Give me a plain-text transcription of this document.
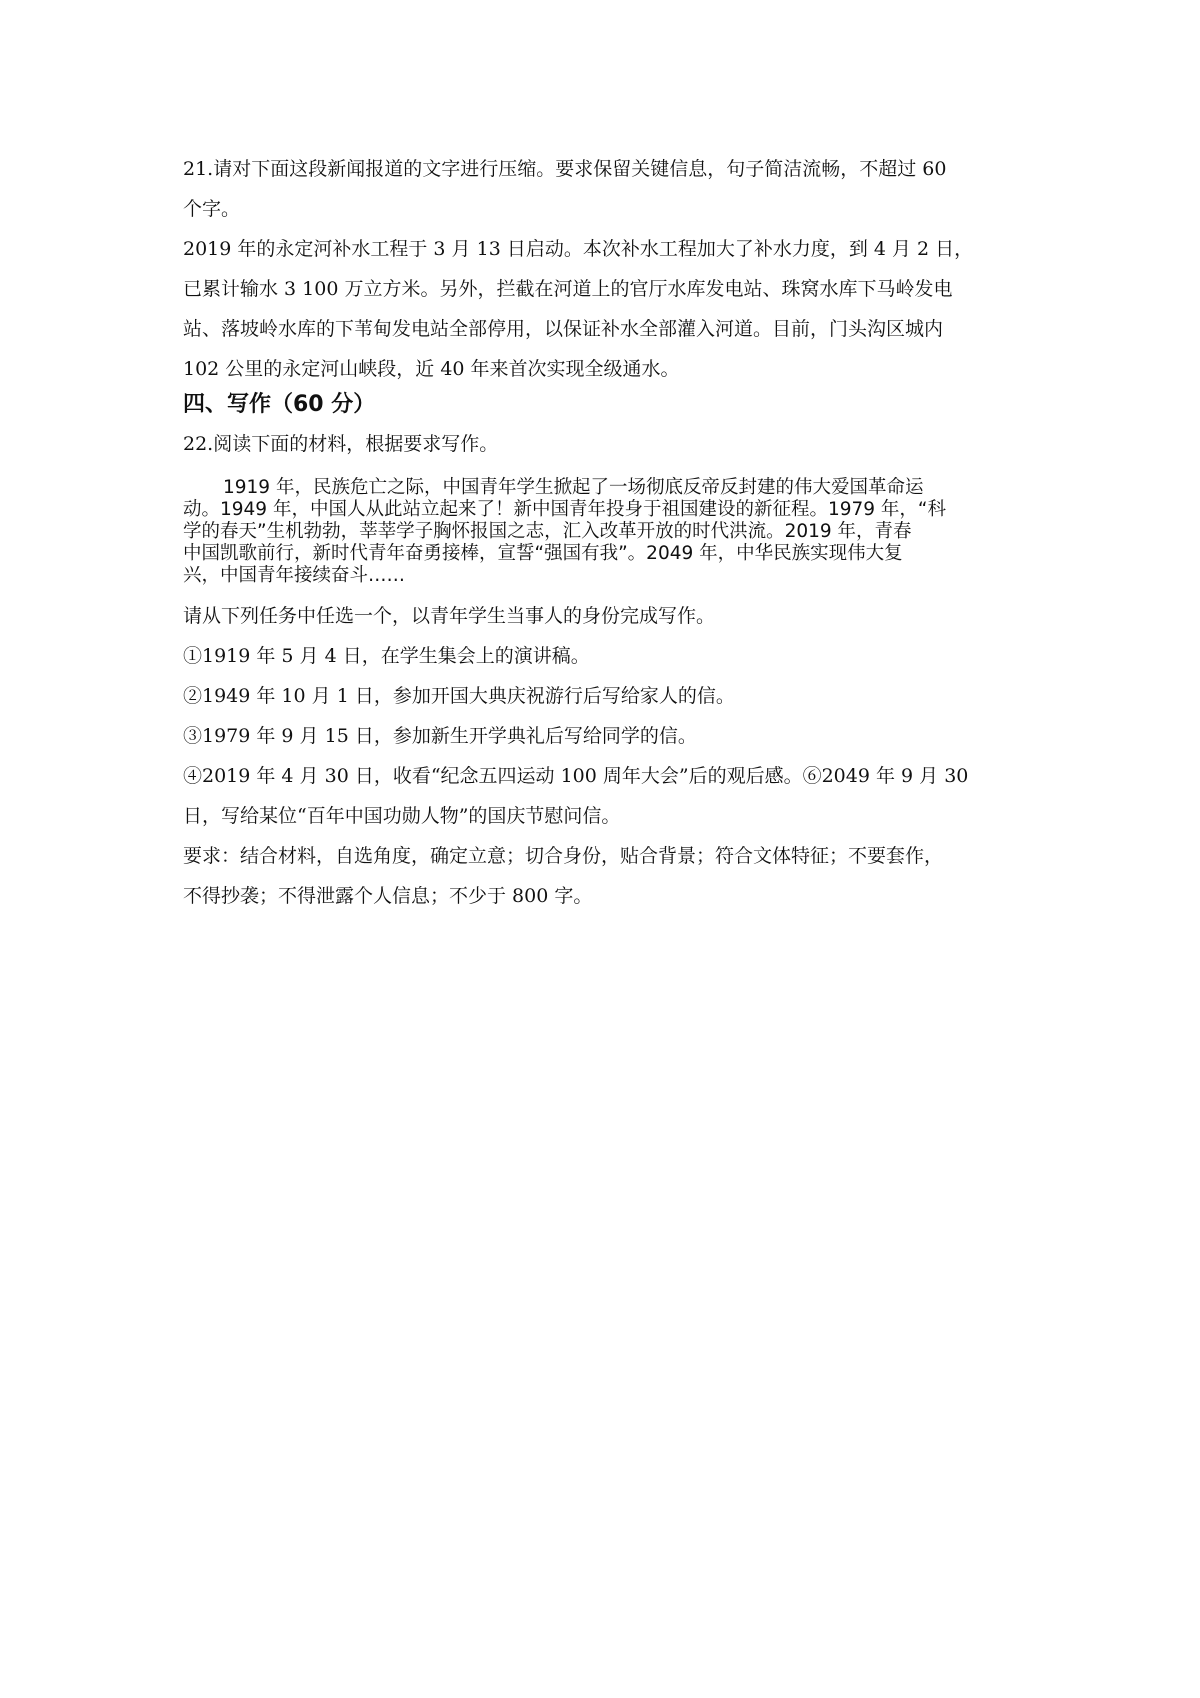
21.请对下面这段新闻报道的文字进行压缩。要求保留关键信息，句子简洁流畅，不超过 60

个字。

2019 年的永定河补水工程于 3 月 13 日启动。本次补水工程加大了补水力度，到 4 月 2 日，

已累计输水 3 100 万立方米。另外，拦截在河道上的官厅水库发电站、珠窝水库下马岭发电

站、落坡岭水库的下苇甸发电站全部停用，以保证补水全部灌入河道。目前，门头沟区城内

102 公里的永定河山峡段，近 40 年来首次实现全级通水。

四、写作（60 分）

22.阅读下面的材料，根据要求写作。

1919 年，民族危亡之际，中国青年学生掀起了一场彻底反帝反封建的伟大爱国革命运

动。1949 年，中国人从此站立起来了！新中国青年投身于祖国建设的新征程。1979 年，“科

学的春天”生机勃勃，莘莘学子胸怀报国之志，汇入改革开放的时代洪流。2019 年，青春

中国凯歌前行，新时代青年奋勇接棒，宣誓“强国有我”。2049 年，中华民族实现伟大复

兴，中国青年接续奋斗……

请从下列任务中任选一个，以青年学生当事人的身份完成写作。

①1919 年 5 月 4 日，在学生集会上的演讲稿。

②1949 年 10 月 1 日，参加开国大典庆祝游行后写给家人的信。

③1979 年 9 月 15 日，参加新生开学典礼后写给同学的信。

④2019 年 4 月 30 日，收看“纪念五四运动 100 周年大会”后的观后感。⑥2049 年 9 月 30

日，写给某位“百年中国功勋人物”的国庆节慰问信。

要求：结合材料，自选角度，确定立意；切合身份，贴合背景；符合文体特征；不要套作，

不得抄袭；不得泄露个人信息；不少于 800 字。
